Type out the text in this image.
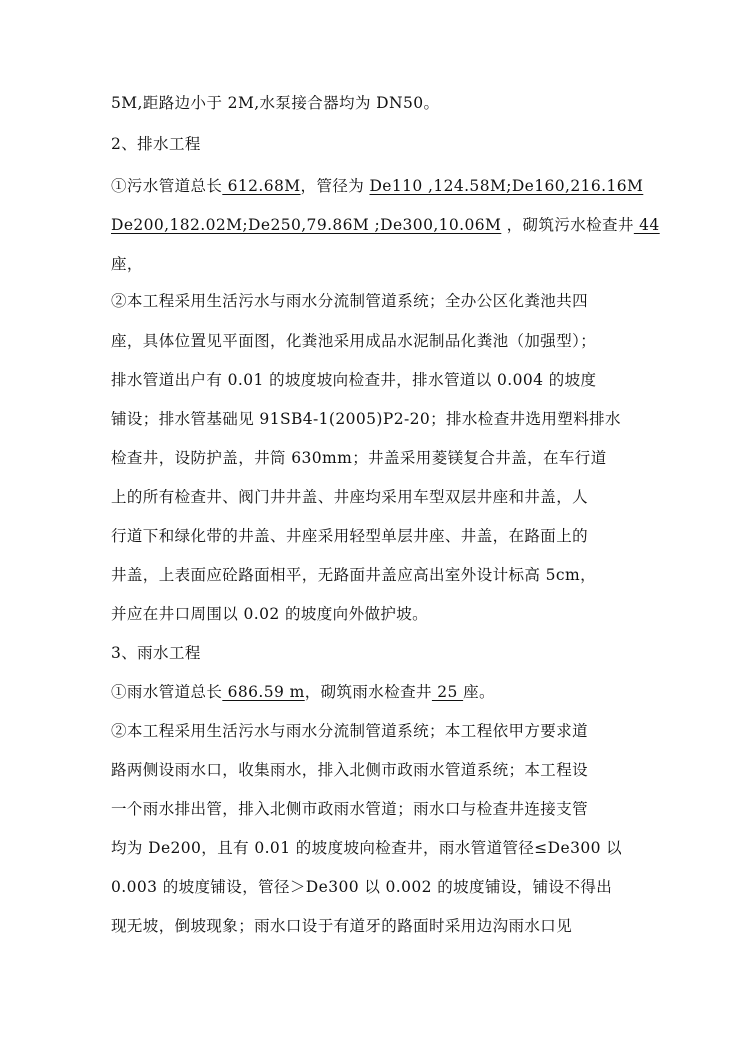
5M,距路边小于 2M,水泵接合器均为 DN50。
2、排水工程
①污水管道总长 612.68M，管径为 De110 ,124.58M;De160,216.16M
De200,182.02M;De250,79.86M ;De300,10.06M ，砌筑污水检查井 44
座，
②本工程采用生活污水与雨水分流制管道系统；全办公区化粪池共四
座，具体位置见平面图，化粪池采用成品水泥制品化粪池（加强型）；
排水管道出户有 0.01 的坡度坡向检查井，排水管道以 0.004 的坡度
铺设；排水管基础见 91SB4-1(2005)P2-20；排水检查井选用塑料排水
检查井，设防护盖，井筒 630mm；井盖采用菱镁复合井盖，在车行道
上的所有检查井、阀门井井盖、井座均采用车型双层井座和井盖，人
行道下和绿化带的井盖、井座采用轻型单层井座、井盖，在路面上的
井盖，上表面应砼路面相平，无路面井盖应高出室外设计标高 5cm，
并应在井口周围以 0.02 的坡度向外做护坡。
3、雨水工程
①雨水管道总长 686.59 m，砌筑雨水检查井 25 座。
②本工程采用生活污水与雨水分流制管道系统；本工程依甲方要求道
路两侧设雨水口，收集雨水，排入北侧市政雨水管道系统；本工程设
一个雨水排出管，排入北侧市政雨水管道；雨水口与检查井连接支管
均为 De200，且有 0.01 的坡度坡向检查井，雨水管道管径≤De300 以
0.003 的坡度铺设，管径＞De300 以 0.002 的坡度铺设，铺设不得出
现无坡，倒坡现象；雨水口设于有道牙的路面时采用边沟雨水口见
